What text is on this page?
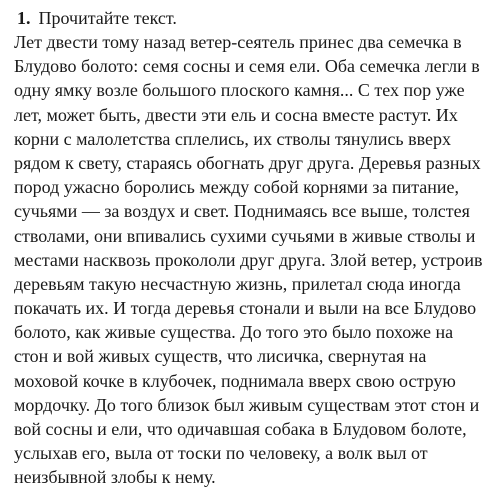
1. Прочитайте текст.
Лет двести тому назад ветер-сеятель принес два семечка в
Блудово болото: семя сосны и семя ели. Оба семечка легли в
одну ямку возле большого плоского камня... С тех пор уже
лет, может быть, двести эти ель и сосна вместе растут. Их
корни с малолетства сплелись, их стволы тянулись вверх
рядом к свету, стараясь обогнать друг друга. Деревья разных
пород ужасно боролись между собой корнями за питание,
сучьями — за воздух и свет. Поднимаясь все выше, толстея
стволами, они впивались сухими сучьями в живые стволы и
местами насквозь прокололи друг друга. Злой ветер, устроив
деревьям такую несчастную жизнь, прилетал сюда иногда
покачать их. И тогда деревья стонали и выли на все Блудово
болото, как живые существа. До того это было похоже на
стон и вой живых существ, что лисичка, свернутая на
моховой кочке в клубочек, поднимала вверх свою острую
мордочку. До того близок был живым существам этот стон и
вой сосны и ели, что одичавшая собака в Блудовом болоте,
услыхав его, выла от тоски по человеку, а волк выл от
неизбывной злобы к нему.
